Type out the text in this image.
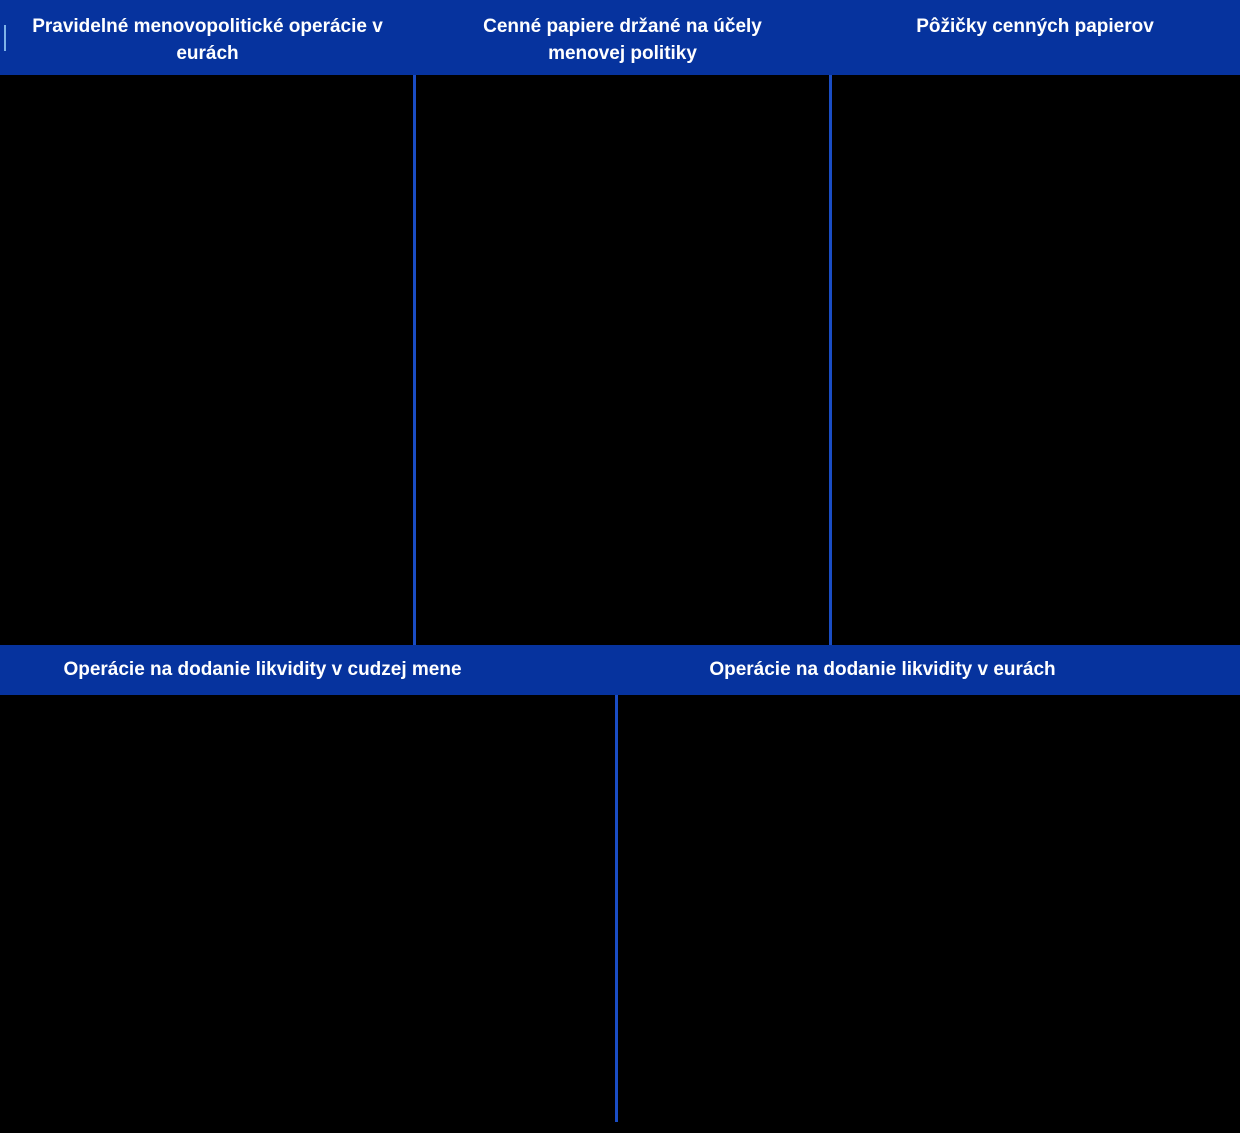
Pravidelné menovopolitické operácie v
eurách
Cenné papiere držané na účely
menovej politiky
Pôžičky cenných papierov
Operácie na dodanie likvidity v cudzej mene	Operácie na dodanie likvidity v eurách
